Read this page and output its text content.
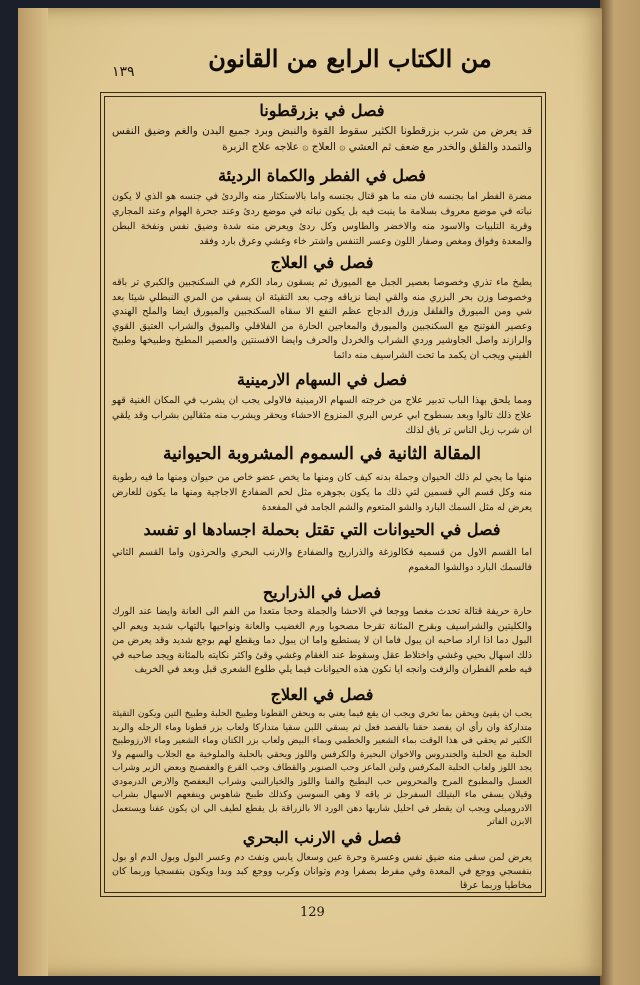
١٣٩	من الكتاب الرابع من القانون
فصل في بزرقطونا
قد يعرض من شرب بزرقطونا الكثير سقوط القوة والنبض وبرد جميع البدن والغم وضيق النفس والتمدد والقلق والخدر مع ضعف ثم العشي ۞ العلاج ۞ علاجه علاج الزبرة
فصل في الفطر والكماة الرديئة
مضرة الفطر اما بجنسه فان منه ما هو قتال بجنسه واما بالاستكثار منه والردئ في جنسه هو الذي لا يكون نباته في موضع معروف بسلامة ما ينبت فيه بل يكون نباته في موضع ردئ وعند جحرة الهوام وعند المجاري وقرية التلبيات والاسود منه والاخضر والطاوس وكل ردئ ويعرض منه شدة وضيق نفس ونفخة البطن والمعدة وفواق ومغص وصفار اللون وعسر التنفس واشتر خاء وغشي وعرق بارد وفقد
فصل في العلاج
يطبخ ماء تذري وخصوصا بعصير الجبل مع الميورق ثم يسقون رماد الكرم في السكنجبين والكبري تر باقه وخصوصا وزن بحر البزري منه والقي ايضا نزياقه وجب بعد التقيئة ان يسقي من المري النبطلي شيئا بعد شي ومن الميورق والفلفل وزرق الدجاج عظم النفع الا سقاه السكنجبين والميورق ايضا والملح الهندي وعصير الفوتنج مع السكنجبين والميورق والمعاجين الحارة من الفلافلي والميوق والشراب العتيق القوي والرازند واصل الجاوشير وردي الشراب والخردل والحرف وايضا الافسنتين والعصير المطيخ وطبيخها وطبيخ القيني ويجب ان يكمد ما تحت الشراسيف منه دائما
فصل في السهام الارمينية
ومما يلحق بهذا الباب تدبير علاج من خرجته السهام الارمينية فالاولى يجب ان يشرب في المكان الغنية قهو علاج ذلك تالوا وبعد بسطوح ابي عرس البري المنزوع الاحشاء ويحقر ويشرب منه مثقالين بشراب وقد يلقي ان شرب زبل الناس تر ياق لذلك
المقالة الثانية في السموم المشروبة الحيوانية
منها ما يجي لم ذلك الحيوان وجملة بدنه كيف كان ومنها ما يخص عضو خاص من حيوان ومنها ما فيه رطوبة منه وكل قسم الي قسمين لتي ذلك ما يكون بجوهره مثل لحم الضفادع الاجاجية ومنها ما يكون للعارض يعرض له مثل السمك البارد والشو المتعوم والشم الجامد في المفعدة
فصل في الحيوانات التي تقتل بحملة اجسادها او تفسد
اما القسم الاول من قسميه فكالوزغة والذراريح والضفادع والارنب البحري والحرذون واما القسم الثاني فالسمك البارد دوالشوا المغموم
فصل في الذراريح
حارة حريفة قتالة تحدث مغصا ووجعا في الاحشا والجملة وحجا متعدا من الفم الى العانة وايضا عند الورك والكليتين والشراسيف وبقرح المثانة تقرحا مصحوبا ورم الغضيب والعانة ونواحيها بالتهاب شديد ويعم الي البول دما اذا اراد صاحبه ان يبول فاما ان لا يستطيع واما ان يبول دما ويقطع لهم بوجع شديد وقد يعرض من ذلك اسهال بحيي وغشي واختلاط عقل وسقوط عند الغقام وغشي وقئ واكثر نكايته بالمثانة ويجد صاحبه في فيه طعم الفطران والزفت وانجه ايا نكون هذه الحيوانات فيما يلي طلوع الشعرى قبل وبعد في الخريف
فصل في العلاج
يجب ان يقيئ ويحقن بما تخري ويجب ان يقع فيما يعني به ويحقن القطونا وطبيخ الحلبة وطبيخ التين ويكون التقيئة متداركة وان رأي ان يفصد حقنا بالفصد فعل ثم يسقي اللبن سقيا متداركا ولعاب بزر قطونا وماء الرجله والربد الكثير ثم يحقي في هذا الوقت بماء الشعير والخطمي وبماء البيض ولعاب بزر الكتان وماء الشعير وماء الارزوطبيخ الحلبة مع الحلبة والجندروس والاخوان البحيرة والكرفس واللوز ويحقي بالحلبة والملوخية مع الجلاب والسهم ولا يجد اللوز ولعاب الحلبة المكرفس ولبن الماعز وحب الصنوبر والقطاف وحب القرع والعفصنج وبعض الزير وشراب العسل والمطبوخ المرح والمحروس حب البطيخ والفنا واللوز والخيارالنبي وشراب البعفصح والارض الدرمودي وقيلان يسقي ماء البتيلك السفرجل تر ياقه لا وهي السوسن وكذلك طبيخ شاهوس وينفعهم الاسهال بشراب الادروميلي ويجب ان يقطر في احليل شاربها دهن الورد الا بالزراقة بل يقطع لطيف الي ان يكون عفنا ويستعمل الابزن الفاتر
فصل في الارنب البحري
يعرض لمن سقى منه ضيق نفس وعسرة وحرة عين وسعال يابس ونفث دم وعسر البول وبول الدم او بول بنفسجي ووجع في المعدة وفي مفرط بصفرا ودم وتوانان وكرب ووجع كبد وبدا ويكون بنفسجيا وربما كان مخاطيا وربما عرقا
129
